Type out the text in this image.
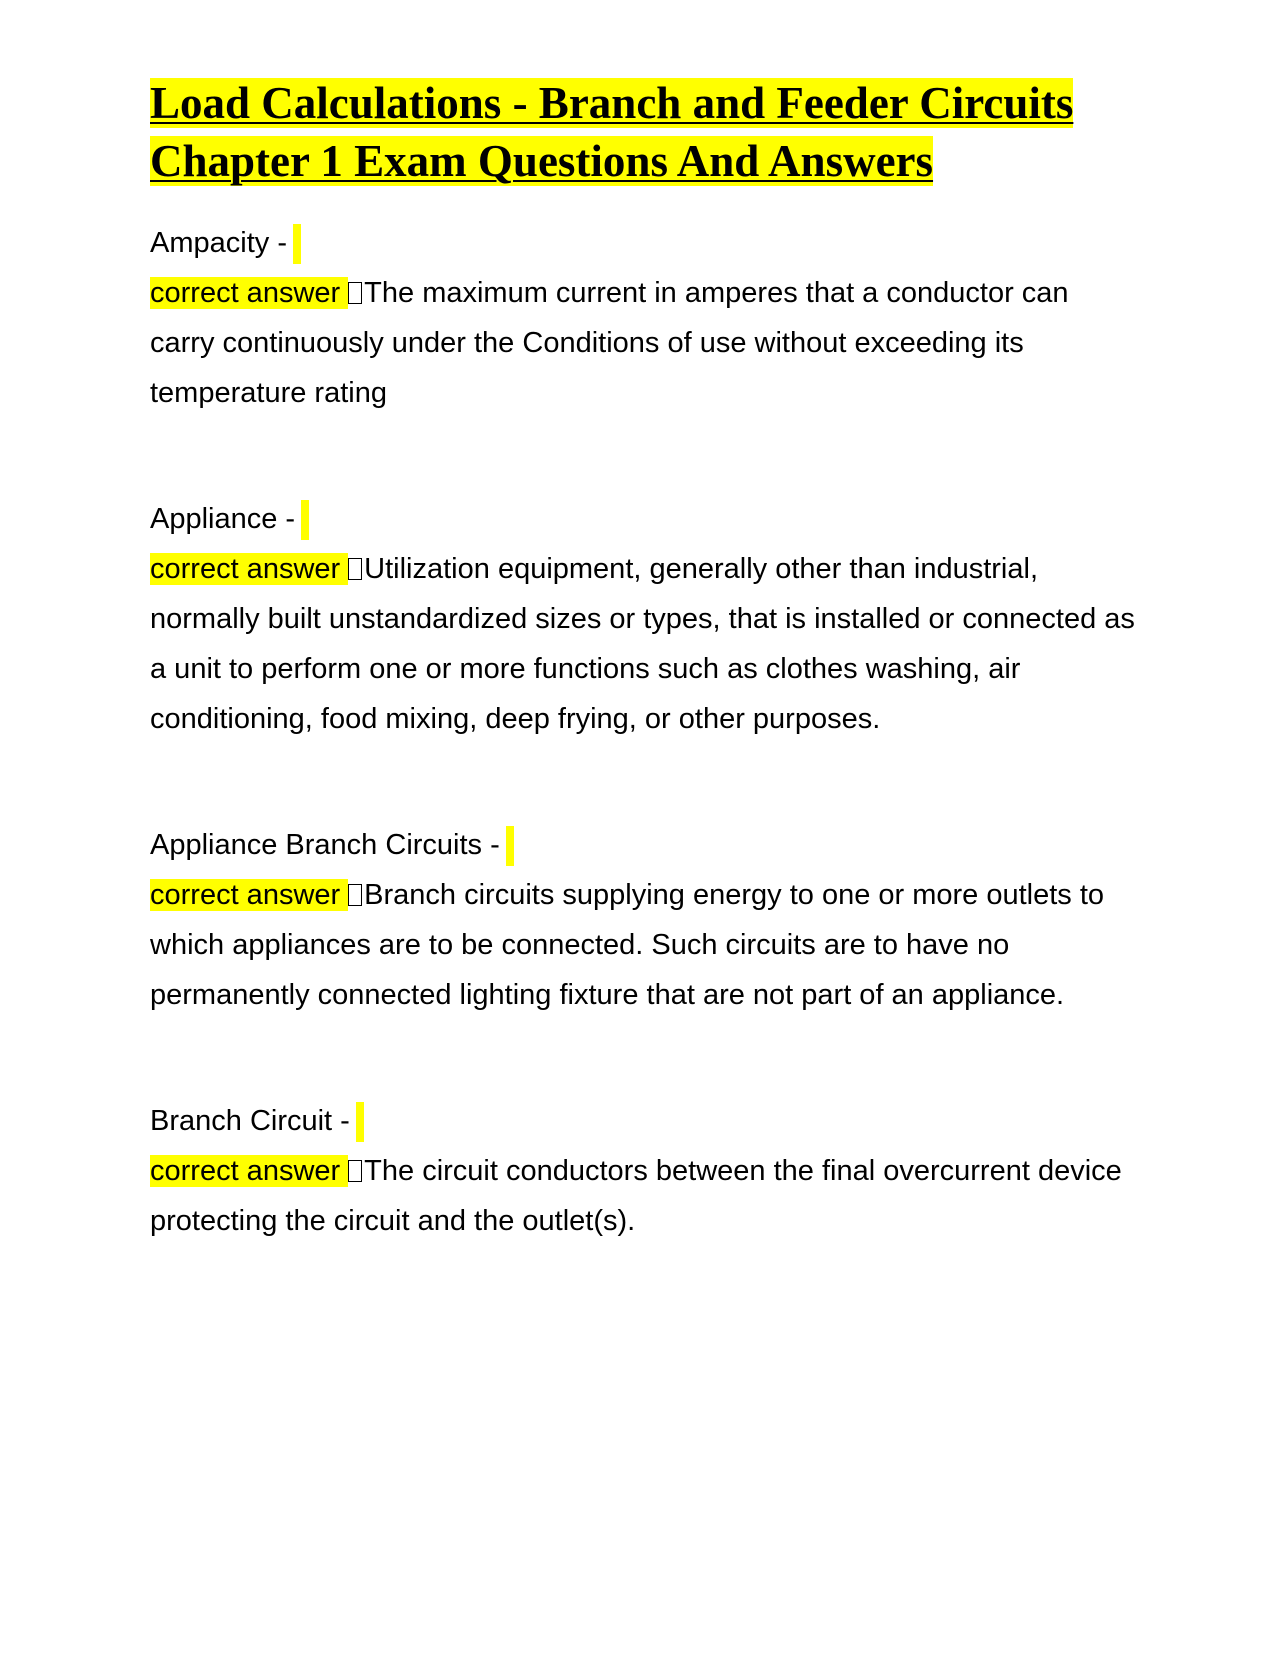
Load Calculations - Branch and Feeder Circuits Chapter 1 Exam Questions And Answers

Ampacity -

correct answer The maximum current in amperes that a conductor can carry continuously under the Conditions of use without exceeding its temperature rating

Appliance -

correct answer Utilization equipment, generally other than industrial, normally built unstandardized sizes or types, that is installed or connected as a unit to perform one or more functions such as clothes washing, air conditioning, food mixing, deep frying, or other purposes.

Appliance Branch Circuits -

correct answer Branch circuits supplying energy to one or more outlets to which appliances are to be connected. Such circuits are to have no permanently connected lighting fixture that are not part of an appliance.

Branch Circuit -

correct answer The circuit conductors between the final overcurrent device protecting the circuit and the outlet(s).
